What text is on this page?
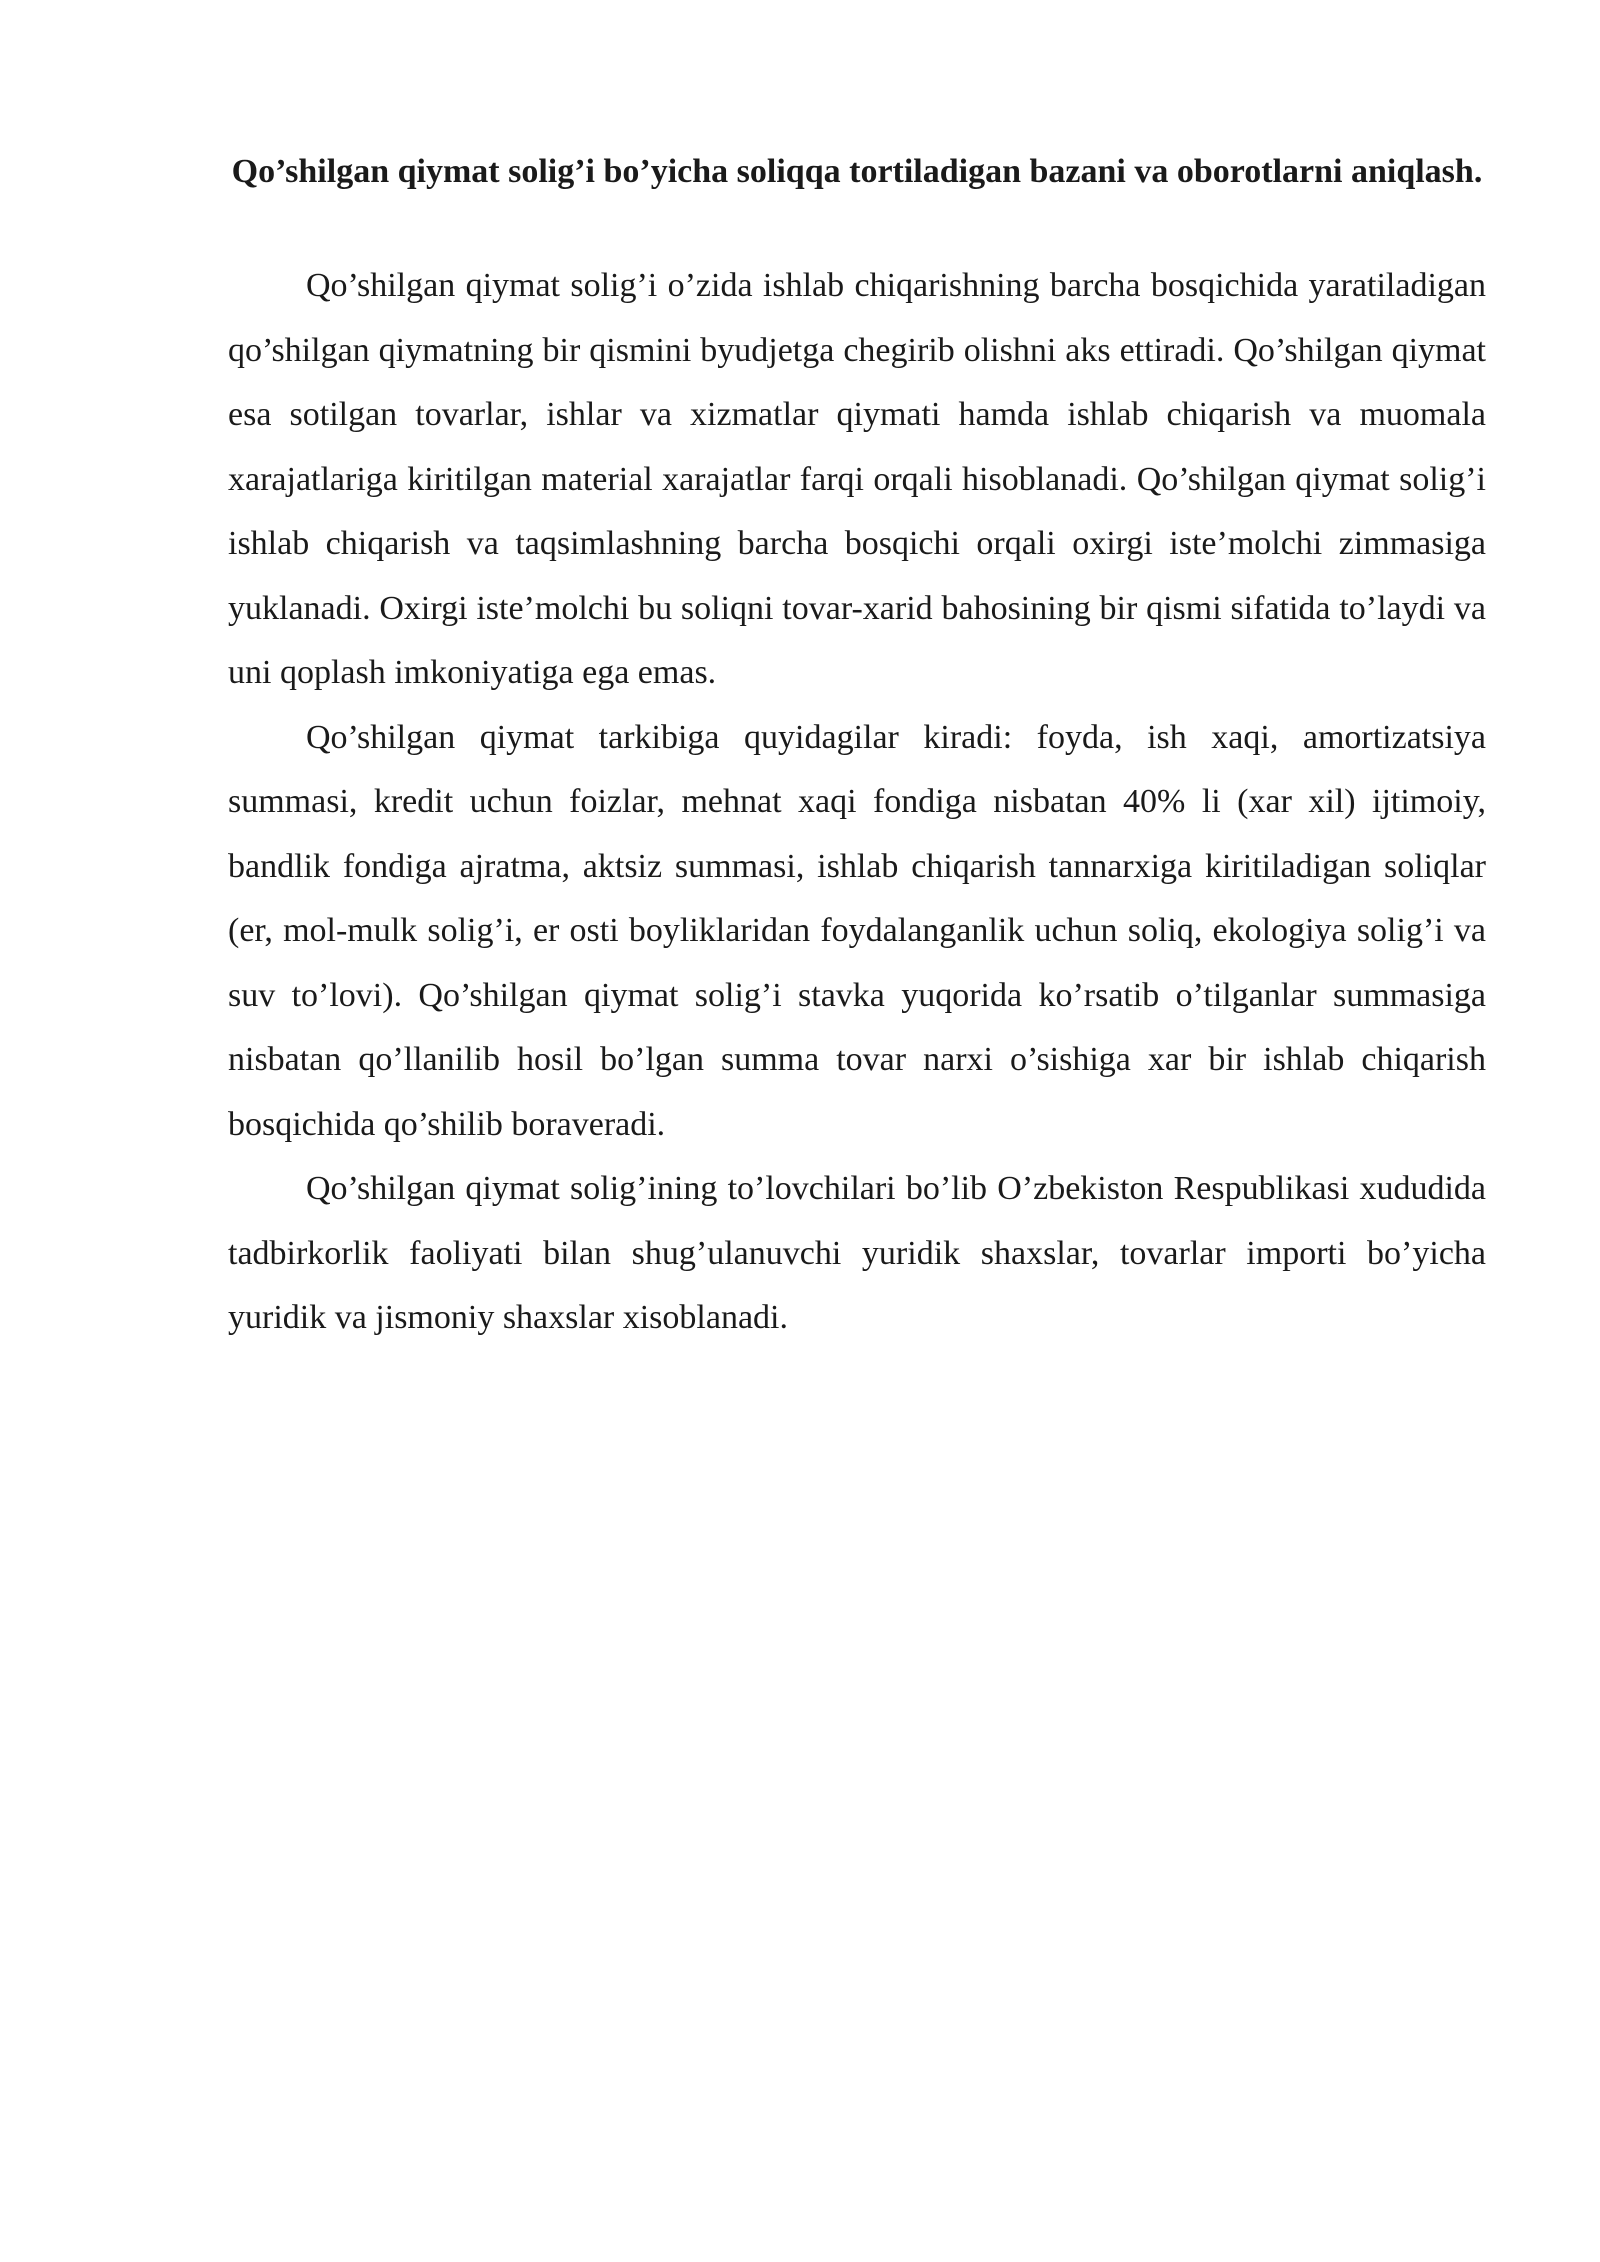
Qo’shilgan qiymat solig’i bo’yicha soliqqa tortiladigan bazani va oborotlarni aniqlash.

Qo’shilgan qiymat solig’i o’zida ishlab chiqarishning barcha bosqichida yaratiladigan qo’shilgan qiymatning bir qismini byudjetga chegirib olishni aks ettiradi. Qo’shilgan qiymat esa sotilgan tovarlar, ishlar va xizmatlar qiymati hamda ishlab chiqarish va muomala xarajatlariga kiritilgan material xarajatlar farqi orqali hisoblanadi. Qo’shilgan qiymat solig’i ishlab chiqarish va taqsimlashning barcha bosqichi orqali oxirgi iste’molchi zimmasiga yuklanadi. Oxirgi iste’molchi bu soliqni tovar-xarid bahosining bir qismi sifatida to’laydi va uni qoplash imkoniyatiga ega emas.

Qo’shilgan qiymat tarkibiga quyidagilar kiradi: foyda, ish xaqi, amortizatsiya summasi, kredit uchun foizlar, mehnat xaqi fondiga nisbatan 40% li (xar xil) ijtimoiy, bandlik fondiga ajratma, aktsiz summasi, ishlab chiqarish tannarxiga kiritiladigan soliqlar (er, mol-mulk solig’i, er osti boyliklaridan foydalanganlik uchun soliq, ekologiya solig’i va suv to’lovi). Qo’shilgan qiymat solig’i stavka yuqorida ko’rsatib o’tilganlar summasiga nisbatan qo’llanilib hosil bo’lgan summa tovar narxi o’sishiga xar bir ishlab chiqarish bosqichida qo’shilib boraveradi.

Qo’shilgan qiymat solig’ining to’lovchilari bo’lib O’zbekiston Respublikasi xududida tadbirkorlik faoliyati bilan shug’ulanuvchi yuridik shaxslar, tovarlar importi bo’yicha yuridik va jismoniy shaxslar xisoblanadi.
